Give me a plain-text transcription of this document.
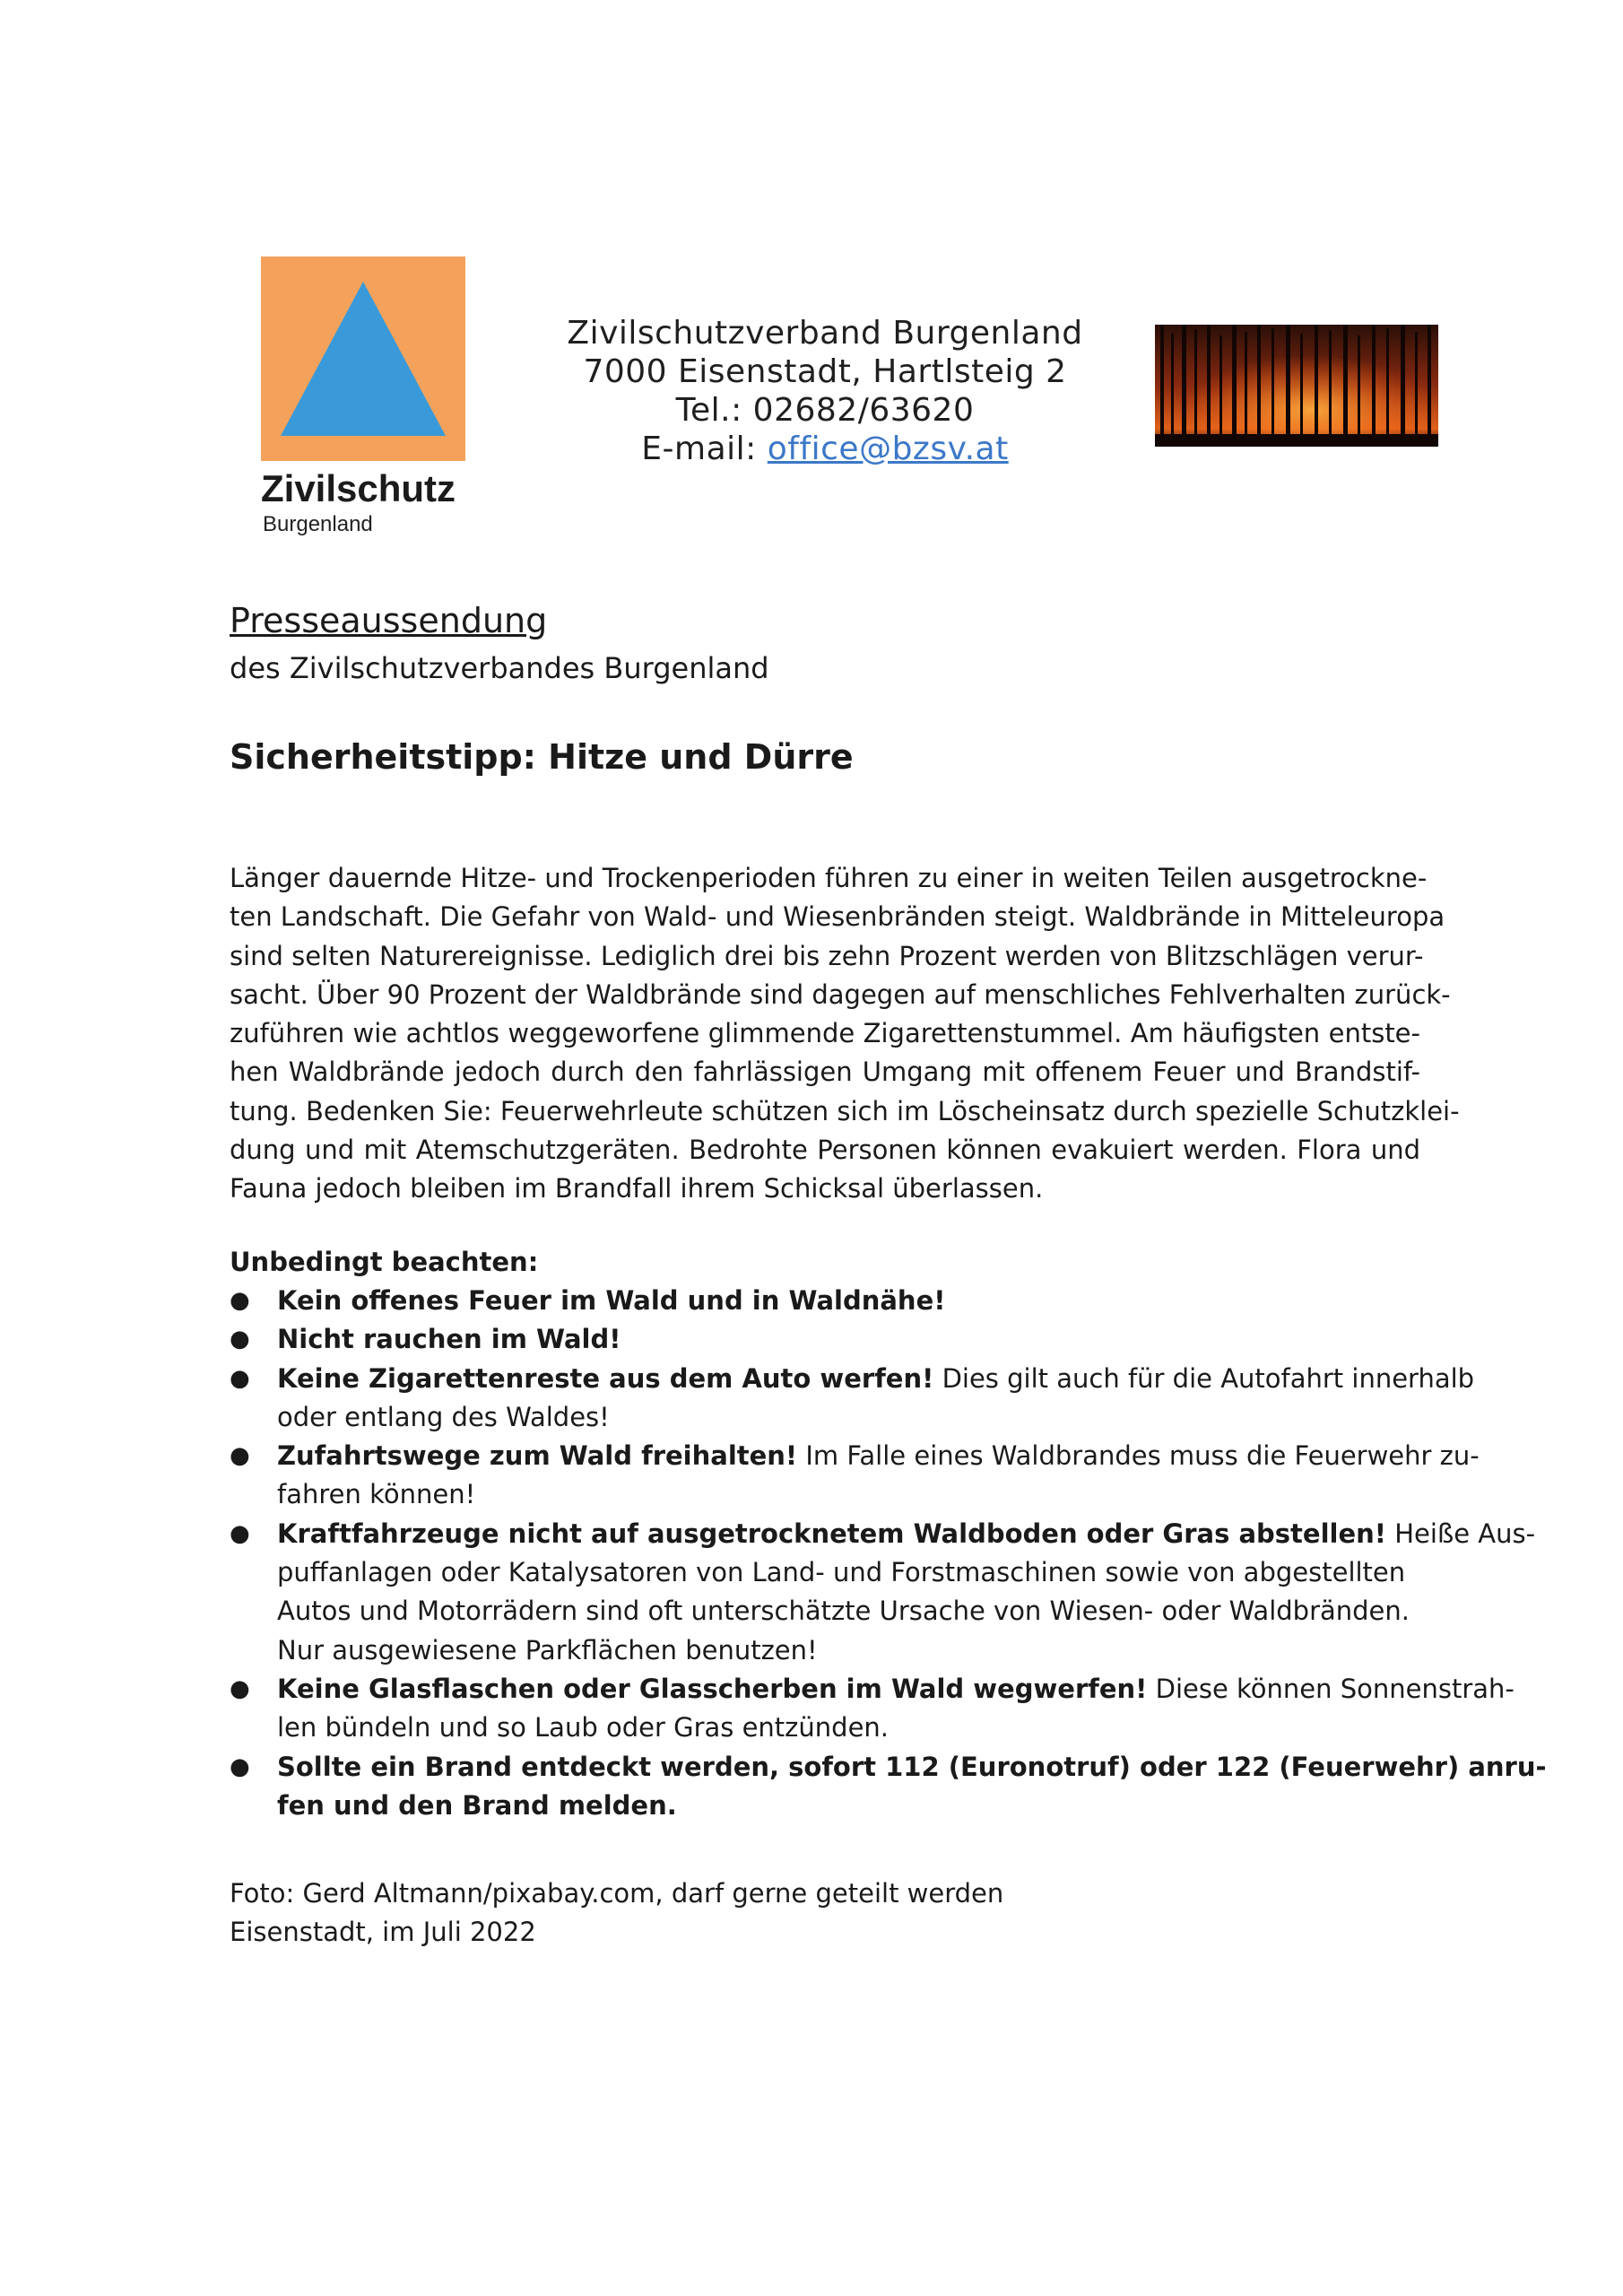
Zivilschutz
Burgenland
Zivilschutzverband Burgenland
7000 Eisenstadt, Hartlsteig 2
Tel.: 02682/63620
E-mail: office@bzsv.at
Presseaussendung
des Zivilschutzverbandes Burgenland
Sicherheitstipp: Hitze und Dürre
Länger dauernde Hitze- und Trockenperioden führen zu einer in weiten Teilen ausgetrockne-
ten Landschaft. Die Gefahr von Wald- und Wiesenbränden steigt. Waldbrände in Mitteleuropa
sind selten Naturereignisse. Lediglich drei bis zehn Prozent werden von Blitzschlägen verur-
sacht. Über 90 Prozent der Waldbrände sind dagegen auf menschliches Fehlverhalten zurück-
zuführen wie achtlos weggeworfene glimmende Zigarettenstummel. Am häufigsten entste-
hen Waldbrände jedoch durch den fahrlässigen Umgang mit offenem Feuer und Brandstif-
tung. Bedenken Sie: Feuerwehrleute schützen sich im Löscheinsatz durch spezielle Schutzklei-
dung und mit Atemschutzgeräten. Bedrohte Personen können evakuiert werden. Flora und
Fauna jedoch bleiben im Brandfall ihrem Schicksal überlassen.
Unbedingt beachten:
● Kein offenes Feuer im Wald und in Waldnähe!
● Nicht rauchen im Wald!
● Keine Zigarettenreste aus dem Auto werfen! Dies gilt auch für die Autofahrt innerhalb
oder entlang des Waldes!
● Zufahrtswege zum Wald freihalten! Im Falle eines Waldbrandes muss die Feuerwehr zu-
fahren können!
● Kraftfahrzeuge nicht auf ausgetrocknetem Waldboden oder Gras abstellen! Heiße Aus-
puffanlagen oder Katalysatoren von Land- und Forstmaschinen sowie von abgestellten
Autos und Motorrädern sind oft unterschätzte Ursache von Wiesen- oder Waldbränden.
Nur ausgewiesene Parkflächen benutzen!
● Keine Glasflaschen oder Glasscherben im Wald wegwerfen! Diese können Sonnenstrah-
len bündeln und so Laub oder Gras entzünden.
● Sollte ein Brand entdeckt werden, sofort 112 (Euronotruf) oder 122 (Feuerwehr) anru-
fen und den Brand melden.
Foto: Gerd Altmann/pixabay.com, darf gerne geteilt werden
Eisenstadt, im Juli 2022
